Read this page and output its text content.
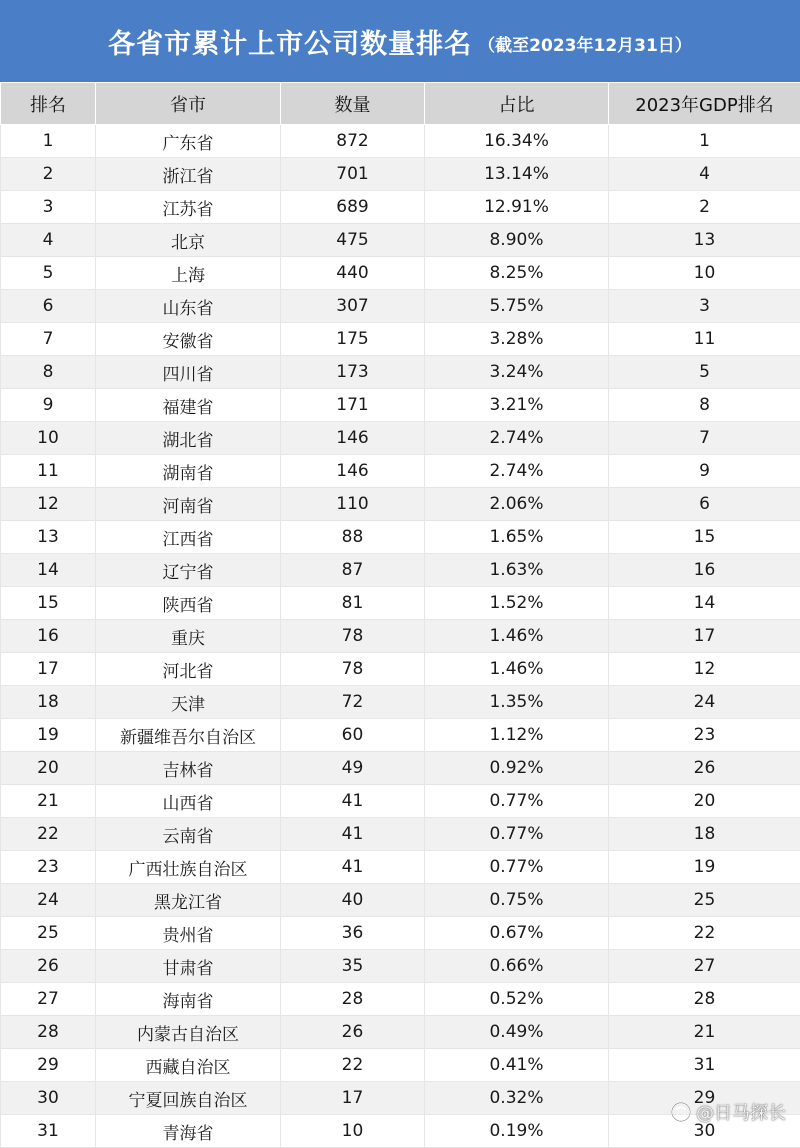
各省市累计上市公司数量排名 （截至2023年12月31日）
排名	省市	数量	占比	2023年GDP排名
1	广东省	872	16.34%	1
2	浙江省	701	13.14%	4
3	江苏省	689	12.91%	2
4	北京	475	8.90%	13
5	上海	440	8.25%	10
6	山东省	307	5.75%	3
7	安徽省	175	3.28%	11
8	四川省	173	3.24%	5
9	福建省	171	3.21%	8
10	湖北省	146	2.74%	7
11	湖南省	146	2.74%	9
12	河南省	110	2.06%	6
13	江西省	88	1.65%	15
14	辽宁省	87	1.63%	16
15	陕西省	81	1.52%	14
16	重庆	78	1.46%	17
17	河北省	78	1.46%	12
18	天津	72	1.35%	24
19	新疆维吾尔自治区	60	1.12%	23
20	吉林省	49	0.92%	26
21	山西省	41	0.77%	20
22	云南省	41	0.77%	18
23	广西壮族自治区	41	0.77%	19
24	黑龙江省	40	0.75%	25
25	贵州省	36	0.67%	22
26	甘肃省	35	0.66%	27
27	海南省	28	0.52%	28
28	内蒙古自治区	26	0.49%	21
29	西藏自治区	22	0.41%	31
30	宁夏回族自治区	17	0.32%	29
31	青海省	10	0.19%	30
@日马探长
